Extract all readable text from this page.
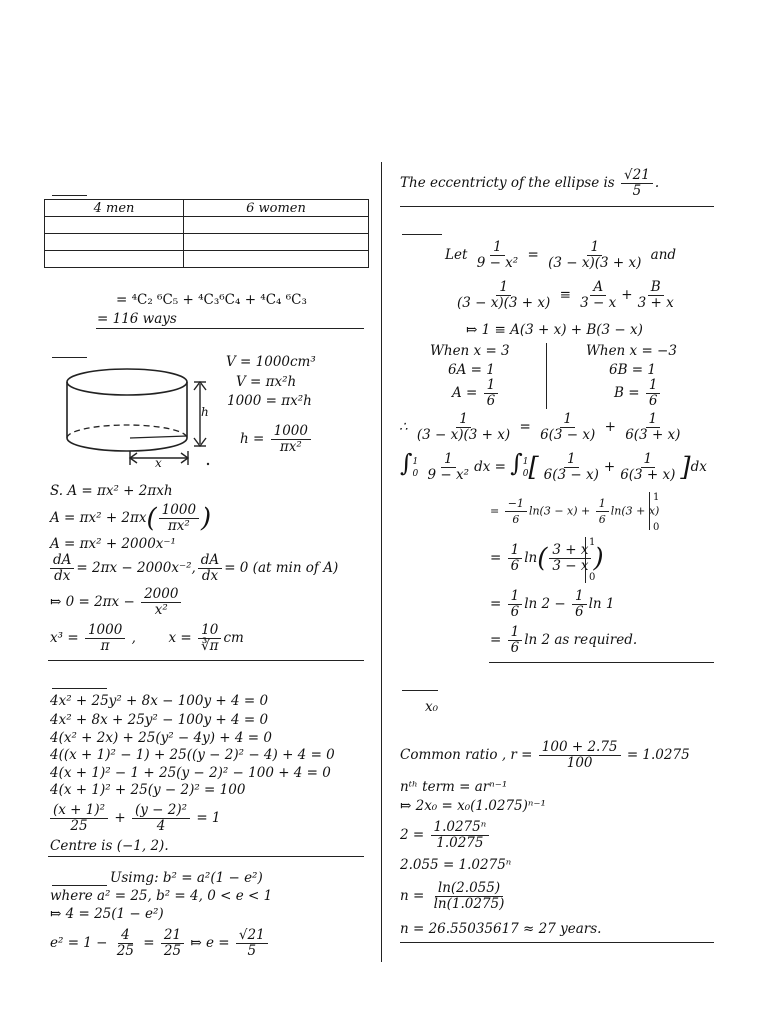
4 men	6 women

= ⁴C₂ ⁶C₅ + ⁴C₃⁶C₄ + ⁴C₄ ⁶C₃
= 116 ways
h
x
V = 1000cm³
V = πx²h
1000 = πx²h
$h = \frac{1000}{\text{πx²}}$
S. A = πx² + 2πxh
$A = \pi x^2 + 2\pi x( \frac{1000}{\text{πx²}}$ )
A = πx² + 2000x⁻¹
$\frac{dA}{dx} = 2\pi x - 2000x^{-2}$, $\frac{dA}{dx} = 0$ (at min of A)
⤇ $0 = 2\pi x - \frac{2000}{\text{x²}}$
$x^3 = \frac{1000}{\pi}$ ,  $x = \frac{10}{∛\pi}$ cm
4x² + 25y² + 8x − 100y + 4 = 0
4x² + 8x + 25y² − 100y + 4 = 0
4(x² + 2x) + 25(y² − 4y) + 4 = 0
4((x + 1)² − 1) + 25((y − 2)² − 4) + 4 = 0
4(x + 1)² − 1 + 25(y − 2)² − 100 + 4 = 0
4(x + 1)² + 25(y − 2)² = 100
$\frac{\text{(x + 1)²}}{25} + \frac{\text{(y − 2)²}}{4} = 1$
Centre is (−1, 2).
Usimg: b² = a²(1 − e²)
where a² = 25, b² = 4, 0 < e < 1
⤇ 4 = 25(1 − e²)
$e^2 = 1 - \frac{4}{25} = \frac{21}{25}$ ⤇ $e = \frac{√21}{5}$
The eccentricty of the ellipse is $\frac{√21}{5}$ .
Let $\frac{1}{\text{9 − x²}} = \frac{1}{(3 - x)(3 + x)}$ and
$\frac{1}{(3 - x)(3 + x)} \equiv \frac{A}{3 - x} + \frac{B}{3 + x}$
⤇ 1 ≡ A(3 + x) + B(3 − x)
When x = 3
6A = 1
$A = \frac{1}{6}$
When x = −3
6B = 1
$B = \frac{1}{6}$
∴ $\frac{1}{(3 - x)(3 + x)} = \frac{1}{6(3 - x)} + \frac{1}{6(3 + x)}$
∫ 1
0
$\frac{1}{\text{9 − x²}}$ dx = ∫ 1
0 [ $\frac{1}{6(3 - x)} + \frac{1}{6(3 + x)} ]dx$
= $\frac{-1}{6} \ln(3 - x) + \frac{1}{6} \ln(3 + x)$
1
0
= $\frac{1}{6} \ln( \frac{3 + x}{3 - x}$ )
1
0
= $\frac{1}{6}$ $\ln 2 - \frac{1}{6}$ ln 1
= $\frac{1}{6}$ ln 2 as required.
x₀
Common ratio , $r = \frac{100 + 2.75}{100} = 1.0275$
nᵗʰ term = arⁿ⁻¹
⤇ 2x₀ = x₀(1.0275)ⁿ⁻¹
$2 = \frac{\text{1.0275ⁿ}}{1.0275}$
2.055 = 1.0275ⁿ
$n = \frac{\ln(2.055)}{\ln(1.0275)}$
n = 26.55035617 ≈ 27 years.
